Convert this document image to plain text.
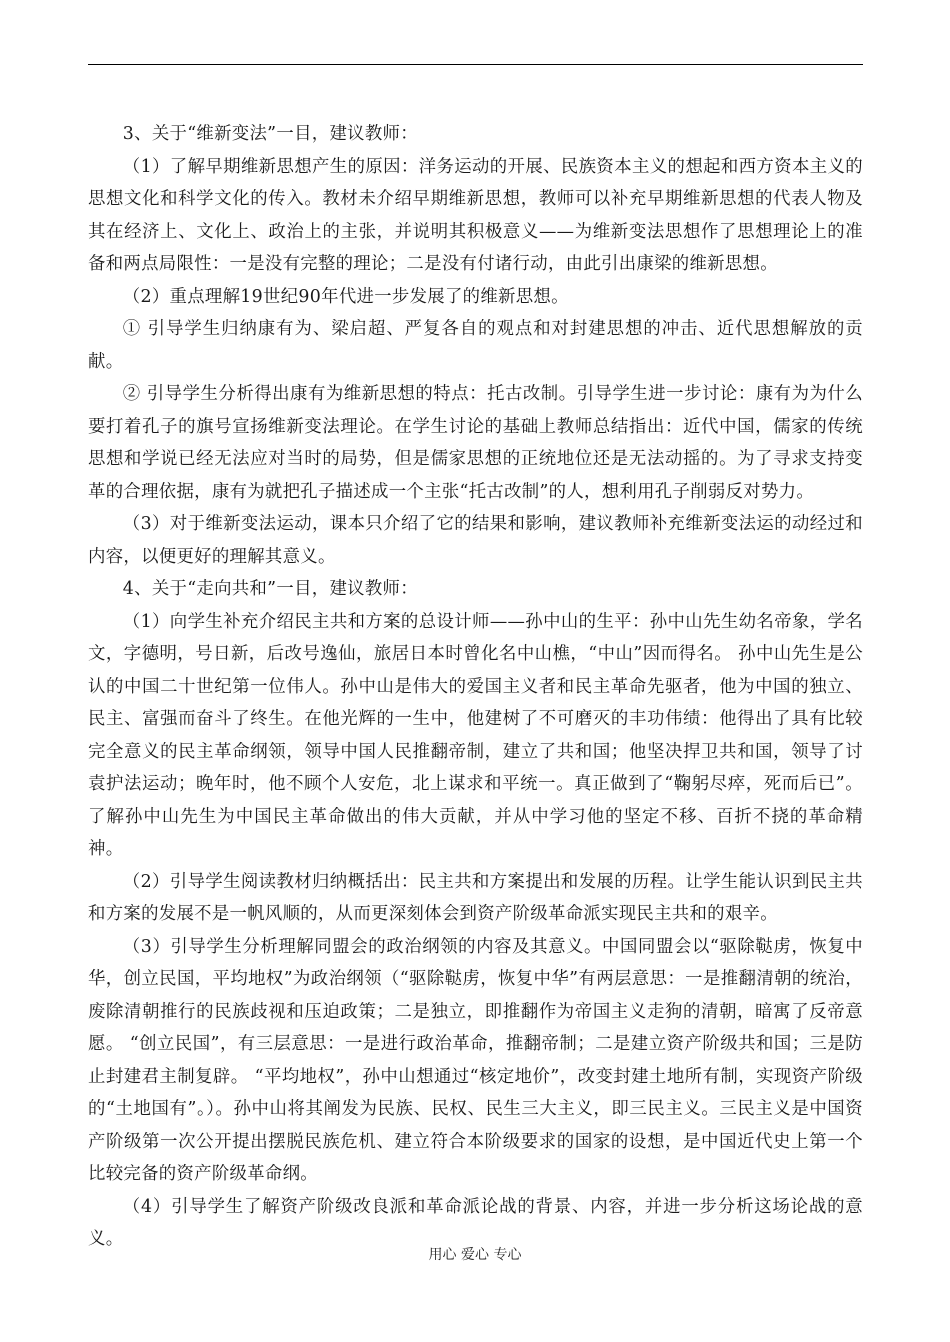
3、关于“维新变法”一目，建议教师：

（1）了解早期维新思想产生的原因：洋务运动的开展、民族资本主义的想起和西方资本主义的思想文化和科学文化的传入。教材未介绍早期维新思想，教师可以补充早期维新思想的代表人物及其在经济上、文化上、政治上的主张，并说明其积极意义——为维新变法思想作了思想理论上的准备和两点局限性：一是没有完整的理论；二是没有付诸行动，由此引出康梁的维新思想。

（2）重点理解19世纪90年代进一步发展了的维新思想。

① 引导学生归纳康有为、梁启超、严复各自的观点和对封建思想的冲击、近代思想解放的贡献。

② 引导学生分析得出康有为维新思想的特点：托古改制。引导学生进一步讨论：康有为为什么要打着孔子的旗号宣扬维新变法理论。在学生讨论的基础上教师总结指出：近代中国，儒家的传统思想和学说已经无法应对当时的局势，但是儒家思想的正统地位还是无法动摇的。为了寻求支持变革的合理依据，康有为就把孔子描述成一个主张“托古改制”的人，想利用孔子削弱反对势力。

（3）对于维新变法运动，课本只介绍了它的结果和影响，建议教师补充维新变法运的动经过和内容，以便更好的理解其意义。

4、关于“走向共和”一目，建议教师：

（1）向学生补充介绍民主共和方案的总设计师——孙中山的生平：孙中山先生幼名帝象，学名文，字德明，号日新，后改号逸仙，旅居日本时曾化名中山樵，“中山”因而得名。 孙中山先生是公认的中国二十世纪第一位伟人。孙中山是伟大的爱国主义者和民主革命先驱者，他为中国的独立、民主、富强而奋斗了终生。在他光辉的一生中，他建树了不可磨灭的丰功伟绩：他得出了具有比较完全意义的民主革命纲领，领导中国人民推翻帝制，建立了共和国；他坚决捍卫共和国，领导了讨袁护法运动；晚年时，他不顾个人安危，北上谋求和平统一。真正做到了“鞠躬尽瘁，死而后已”。了解孙中山先生为中国民主革命做出的伟大贡献，并从中学习他的坚定不移、百折不挠的革命精神。

（2）引导学生阅读教材归纳概括出：民主共和方案提出和发展的历程。让学生能认识到民主共和方案的发展不是一帆风顺的，从而更深刻体会到资产阶级革命派实现民主共和的艰辛。

（3）引导学生分析理解同盟会的政治纲领的内容及其意义。中国同盟会以“驱除鞑虏，恢复中华，创立民国，平均地权”为政治纲领（“驱除鞑虏，恢复中华”有两层意思：一是推翻清朝的统治，废除清朝推行的民族歧视和压迫政策；二是独立，即推翻作为帝国主义走狗的清朝，暗寓了反帝意愿。 “创立民国”，有三层意思：一是进行政治革命，推翻帝制；二是建立资产阶级共和国；三是防止封建君主制复辟。 “平均地权”，孙中山想通过“核定地价”，改变封建土地所有制，实现资产阶级的“土地国有”。）。孙中山将其阐发为民族、民权、民生三大主义，即三民主义。三民主义是中国资产阶级第一次公开提出摆脱民族危机、建立符合本阶级要求的国家的设想，是中国近代史上第一个比较完备的资产阶级革命纲。

（4）引导学生了解资产阶级改良派和革命派论战的背景、内容，并进一步分析这场论战的意义。

用心 爱心 专心
